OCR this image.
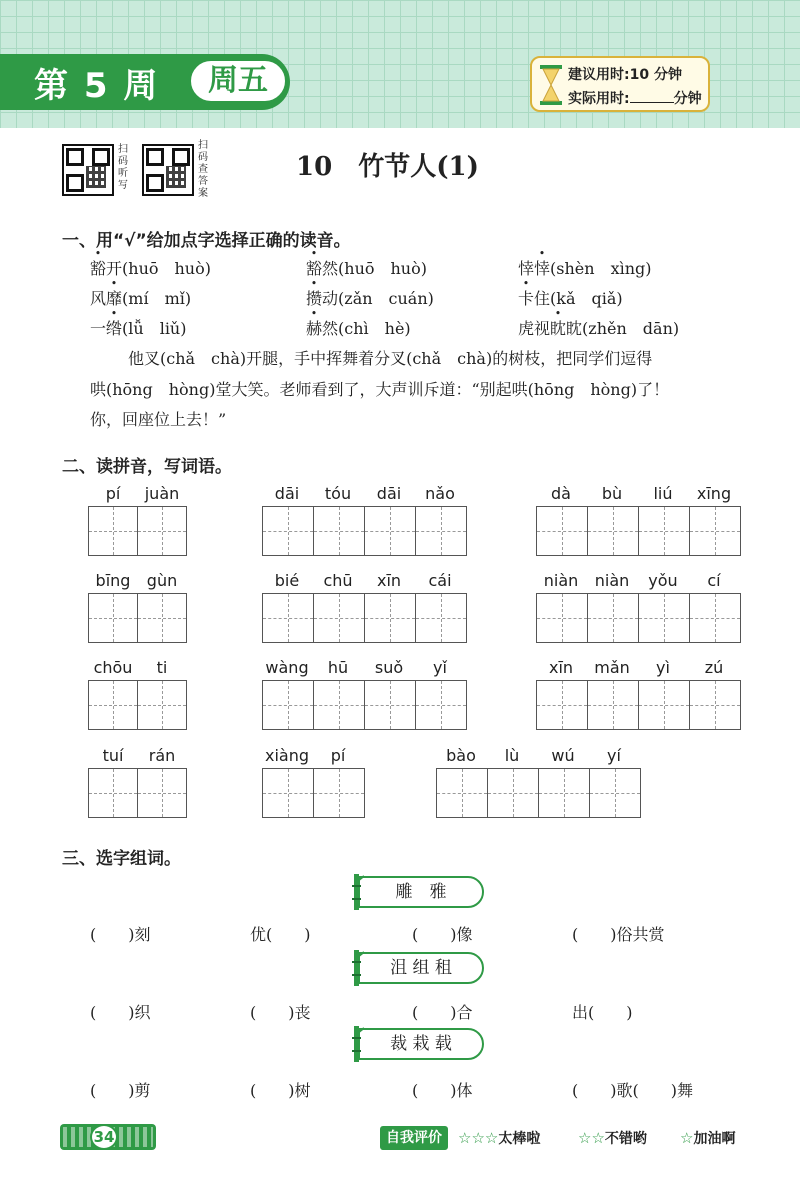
第 5 周	周五	建议用时:10 分钟
实际用时:	分钟
扫码听写
扫码查答案
10 竹节人(1)
一、用“√”给加点字选择正确的读音。
豁开(huō　huò)	豁然(huō　huò)	悻悻(shèn　xìng)
风靡(mí　mǐ)	攒动(zǎn　cuán)	卡住(kǎ　qiǎ)
一绺(lǚ　liǔ)	赫然(chì　hè)	虎视眈眈(zhěn　dān)
他叉(chǎ　chà)开腿，手中挥舞着分叉(chǎ　chà)的树枝，把同学们逗得
哄(hōng　hòng)堂大笑。老师看到了，大声训斥道：“别起哄(hōng　hòng)了！
你，回座位上去！”
二、读拼音，写词语。
pí	juàn	dāi	tóu	dāi	nǎo	dà	bù	liú	xīng
bīng	gùn	bié	chū	xīn	cái	niàn	niàn	yǒu	cí
chōu	ti	wàng	hū	suǒ	yǐ	xīn	mǎn	yì	zú
tuí	rán	xiàng	pí	bào	lù	wú	yí
三、选字组词。
雕　雅
(　　)刻	优(　　)	(　　)像	(　　)俗共赏
沮 组 租
(　　)织	(　　)丧	(　　)合	出(　　)
裁 栽 载
(　　)剪	(　　)树	(　　)体	(　　)歌(　　)舞
34	自我评价	☆☆☆太棒啦	☆☆不错哟 ☆加油啊
